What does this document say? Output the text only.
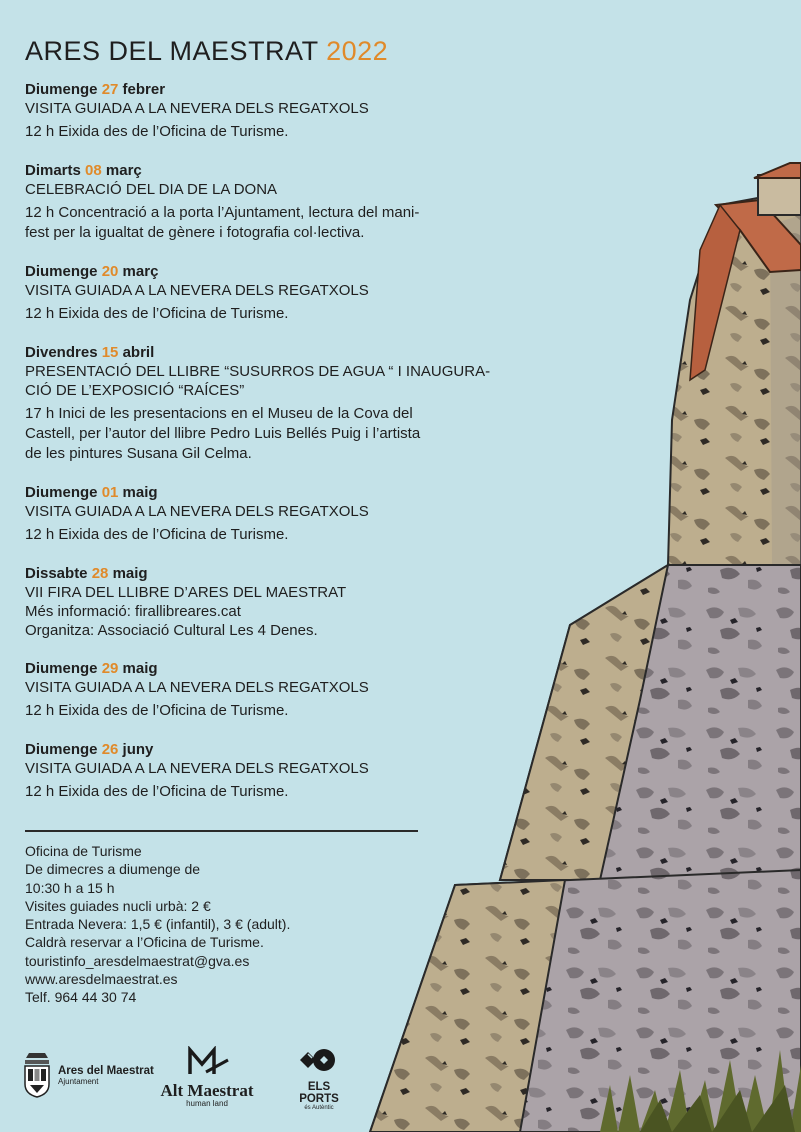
ARES DEL MAESTRAT 2022
Diumenge 27 febrer
VISITA GUIADA A LA NEVERA DELS REGATXOLS
12 h Eixida des de l’Oficina de Turisme.
Dimarts 08 març
CELEBRACIÓ DEL DIA DE LA DONA
12 h Concentració a la porta l’Ajuntament, lectura del mani-
fest per la igualtat de gènere i fotografia col·lectiva.
Diumenge 20 març
VISITA GUIADA A LA NEVERA DELS REGATXOLS
12 h Eixida des de l’Oficina de Turisme.
Divendres 15 abril
PRESENTACIÓ DEL LLIBRE “SUSURROS DE AGUA “ I INAUGURA-
CIÓ DE L’EXPOSICIÓ “RAÍCES”
17 h Inici de les presentacions en el Museu de la Cova del
Castell, per l’autor del llibre Pedro Luis Bellés Puig i l’artista
de les pintures Susana Gil Celma.
Diumenge 01 maig
VISITA GUIADA A LA NEVERA DELS REGATXOLS
12 h Eixida des de l’Oficina de Turisme.
Dissabte 28 maig
VII FIRA DEL LLIBRE D’ARES DEL MAESTRAT
Més informació: firallibreares.cat
Organitza: Associació Cultural Les 4 Denes.
Diumenge 29 maig
VISITA GUIADA A LA NEVERA DELS REGATXOLS
12 h Eixida des de l’Oficina de Turisme.
Diumenge 26 juny
VISITA GUIADA A LA NEVERA DELS REGATXOLS
12 h Eixida des de l’Oficina de Turisme.
Oficina de Turisme
De dimecres a diumenge de
10:30 h a 15 h
Visites guiades nucli urbà: 2 €
Entrada Nevera: 1,5 € (infantil), 3 € (adult).
Caldrà reservar a l’Oficina de Turisme.
touristinfo_aresdelmaestrat@gva.es
www.aresdelmaestrat.es
Telf. 964 44 30 74
Ares del Maestrat
Ajuntament	Alt Maestrat
human land
ELS
PORTS
és Autèntic
